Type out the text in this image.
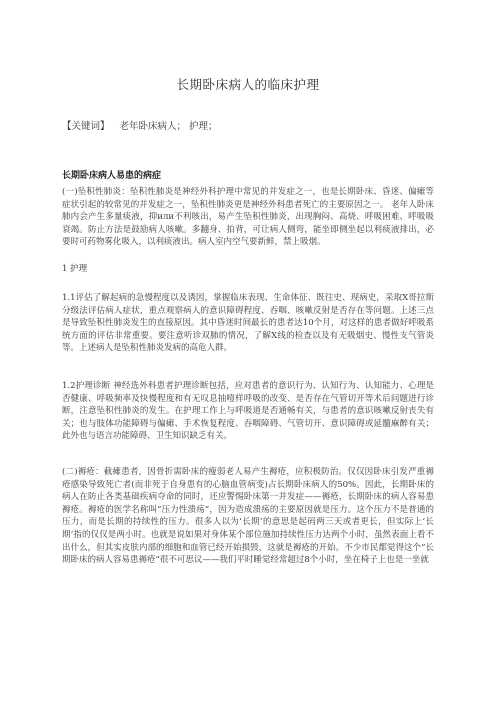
长期卧床病人的临床护理
【关键词】 老年卧床病人； 护理；
长期卧床病人易患的病症

(一)坠积性肺炎：坠积性肺炎是神经外科护理中常见的并发症之一，也是长期卧床、昏迷、偏瘫等症状引起的较常见的并发症之一，坠积性肺炎更是神经外科患者死亡的主要原因之一。 老年人卧床肺内会产生多量痰液，抑или不利咳出，易产生坠积性肺炎，出现胸闷、高烧、呼吸困难、呼吸吸衰竭。防止方法是鼓励病人咳嗽。多翻身、拍背，可让病人侧弯，能坐即侧坐起以利痰液排出，必要时可药物雾化吸入，以利痰液出。病人室内空气要新鲜，禁上吸烟。

1 护理

1.1评估了解起病的急慢程度以及诱因，掌握临床表现、生命体征、既往史、现病史，采取X哥拉斯分级法评估病人症状，重点观察病人的意识障碍程度、吞咽、咳嗽反射是否存在等问题。上述三点是导致坠积性肺炎发生的直接原因。其中昏迷时间最长的患者达10个月，对这样的患者做好呼吸系统方面的评估非常重要。要注意听诊双肺的情况，了解X线的检查以及有无吸烟史、慢性支气管炎等。上述病人是坠积性肺炎发病的高危人群。

1.2护理诊断 神经选外科患者护理诊断包括，应对患者的意识行为、认知行为、认知能力、心理是否健康、呼吸频率及快慢程度和有无叹息抽噎样呼吸的改变、是否存在气管切开等术后问题进行诊断，注意坠积性肺炎的发生。在护理工作上与呼吸道是否通畅有关，与患者的意识咳嗽反射丧失有关；也与肢体功能障碍与偏瘫、手术恢复程度、吞咽障碍、气管切开、意识障碍或延髓麻醉有关；此外也与语言功能障碍、卫生知识缺乏有关。

(二)褥疮：截瘫患者，因骨折需卧床的瘦弱老人易产生褥疮，应积极防治。仅仅因卧床引发严重褥疮感染导致死亡者(而非死于自身患有的心脑血管病变)占长期卧床病人的50%。因此，长期卧床的病人在防止各类基础疾病夺命的同时，还应警惕卧床第一并发症——褥疮，长期卧床的病人容易患褥疮。褥疮的医学名称叫“压力性溃疡”，因为造成溃疡的主要原因就是压力。这个压力不是普通的压力，而是长期的持续性的压力。很多人以为‘长期’的意思是起码两三天或者更长，但实际上‘长期’指的仅仅是两小时。也就是说如果对身体某个部位施加持续性压力达两个小时，虽然表面上看不出什么，但其实皮肤内部的细胞和血管已经开始损毁，这就是褥疮的开始。不少市民都觉得这个”长期卧床的病人容易患褥疮“很不可思议——我们平时睡觉经常超过8个小时，坐在椅子上也是一坐就
